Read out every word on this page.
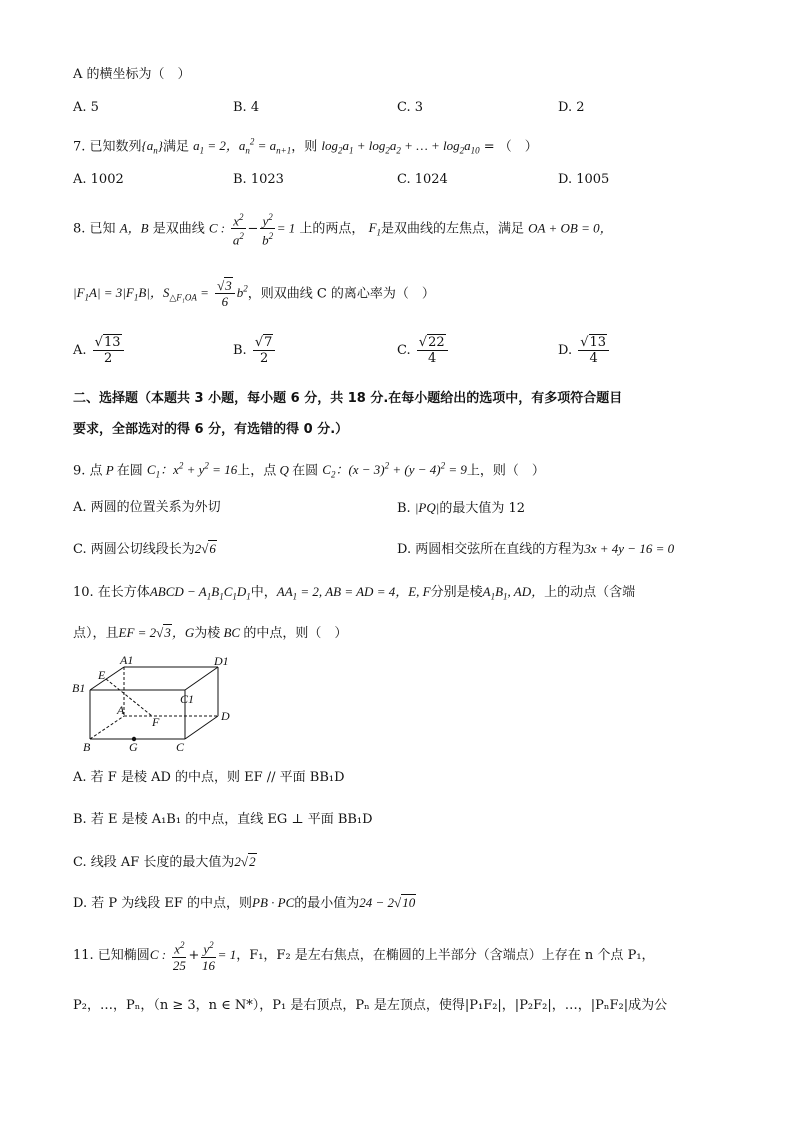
A 的横坐标为（　）
A. 5	B. 4	C. 3	D. 2
7. 已知数列$\{a_n\}$满足 $a_1 = 2$，$a_n^2 = a_{n+1}$，则 $\log_2a_1 + \log_2a_2$ + … + $\log_2a_{10}$ = （　）
A. 1002	B. 1023	C. 1024	D. 1005
8. 已知 A，B 是双曲线 C : $\frac{x^2}{a^2} - \frac{y^2}{b^2} = 1$ 上的两点， $F_1$是双曲线的左焦点，满足 OA + OB = 0，
$|F_1A| = 3|F_1B|$，$S_{\triangle F_1OA} = \frac{√3}{6} b^2$，则双曲线 C 的离心率为（　）
A. $\frac{√13}{2}$	B. $\frac{√7}{2}$	C. $\frac{√22}{4}$	D. $\frac{√13}{4}$
二、选择题（本题共 3 小题，每小题 6 分，共 18 分.在每小题给出的选项中，有多项符合题目
要求，全部选对的得 6 分，有选错的得 0 分.）
9. 点 P 在圆 $C_1$：$x^2 + y^2 = 16$上，点 Q 在圆 $C_2$：$(x - 3)^2 + (y - 4)^2 = 9$上，则（　）
A. 两圆的位置关系为外切	B. |PQ|的最大值为 12
C. 两圆公切线段长为2√6	D. 两圆相交弦所在直线的方程为3x + 4y − 16 = 0
10. 在长方体ABCD − $A_1B_1C_1D_1$中，$AA_1 = 2$, AB = AD = 4，E, F分别是棱$A_1B_1$, AD，上的动点（含端
点），且EF = 2√3，G为棱 BC 的中点，则（　）
A1	D1
B1
E
C1
A
F	D
B	G	C
A. 若 F 是棱 AD 的中点，则 EF // 平面 BB₁D
B. 若 E 是棱 A₁B₁ 的中点，直线 EG ⊥ 平面 BB₁D
C. 线段 AF 长度的最大值为2√2
D. 若 P 为线段 EF 的中点，则PB · PC的最小值为24 − 2√10
11. 已知椭圆C : $\frac{x^2}{25} + \frac{y^2}{16} = 1$，F₁，F₂ 是左右焦点，在椭圆的上半部分（含端点）上存在 n 个点 P₁，
P₂，…，Pₙ，（n ≥ 3，n ∈ N*），P₁ 是右顶点，Pₙ 是左顶点，使得|P₁F₂|，|P₂F₂|，…，|PₙF₂|成为公
